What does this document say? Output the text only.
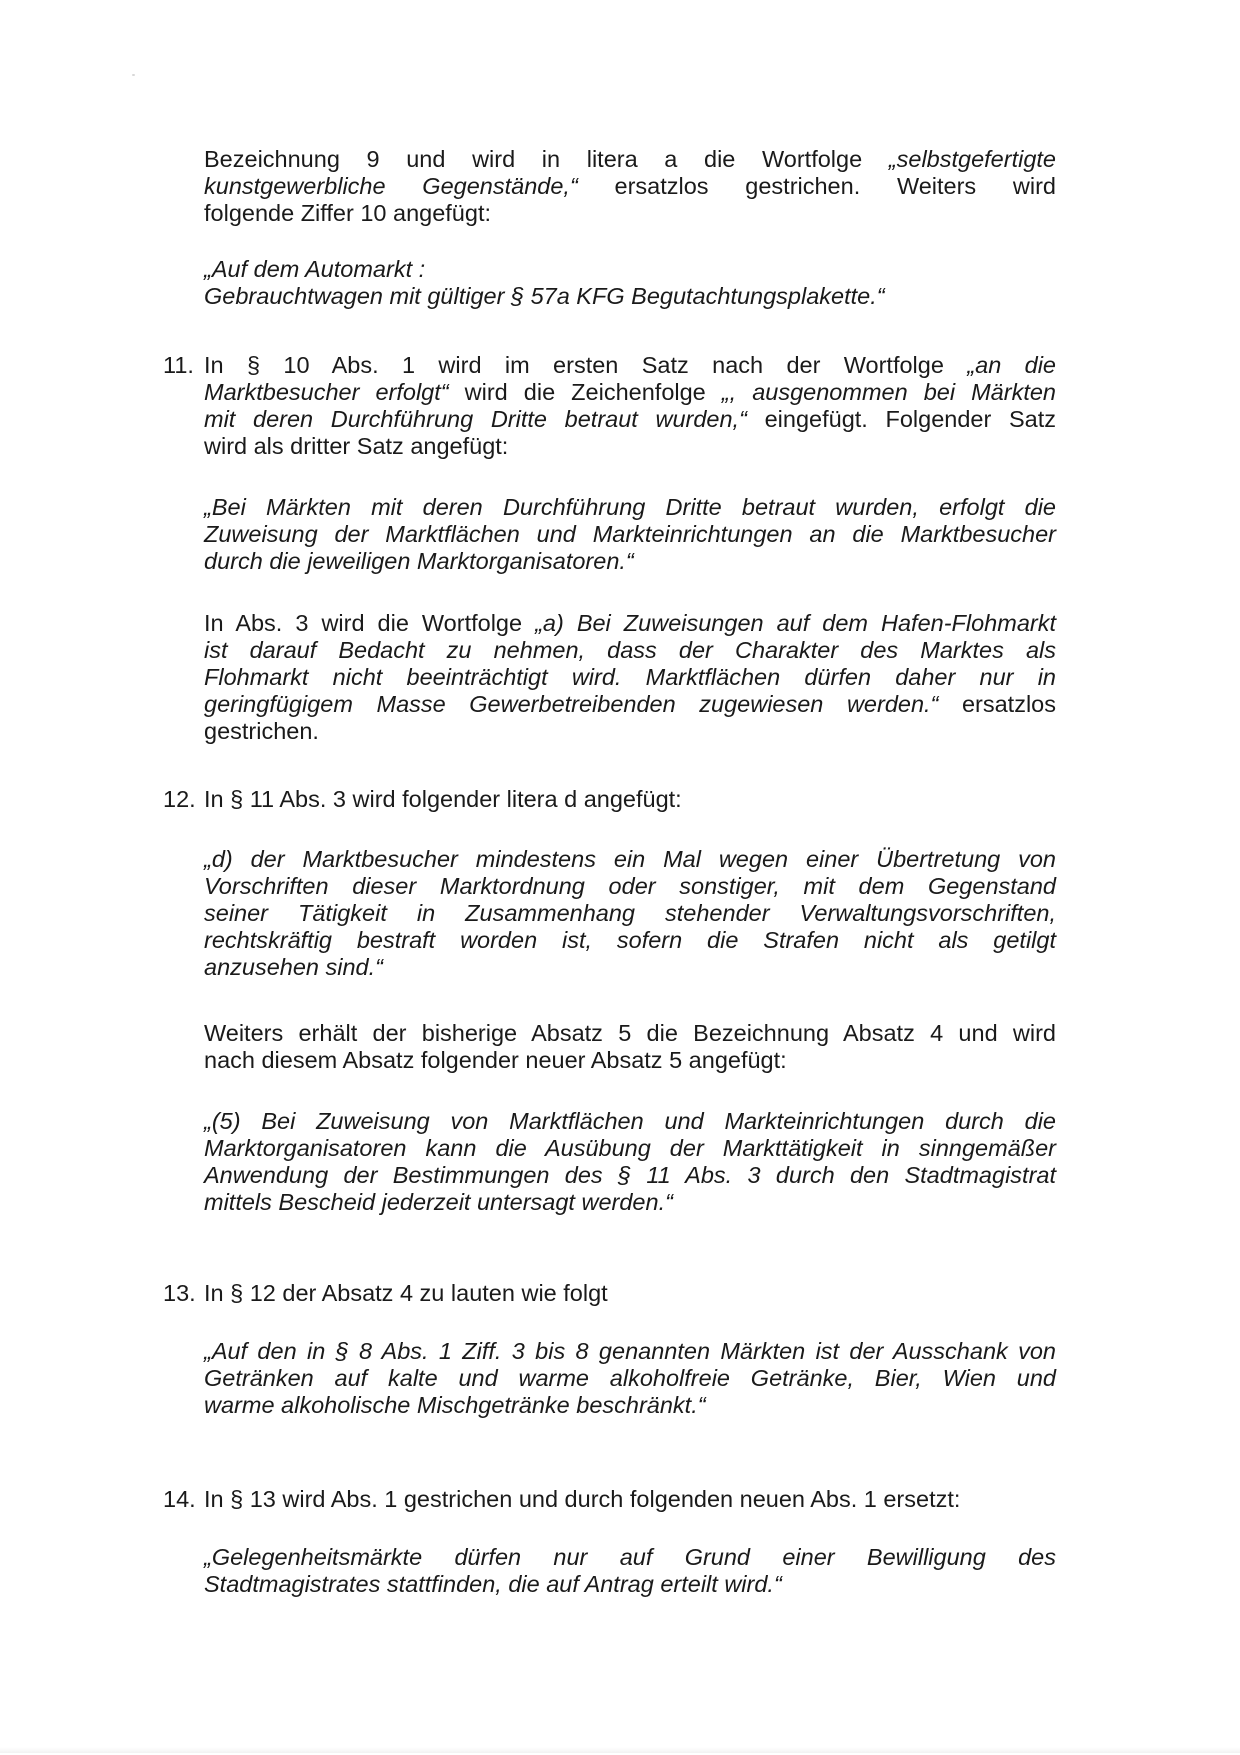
Bezeichnung 9 und wird in litera a die Wortfolge „selbstgefertigte
kunstgewerbliche Gegenstände,“ ersatzlos gestrichen. Weiters wird
folgende Ziffer 10 angefügt:
„Auf dem Automarkt :
Gebrauchtwagen mit gültiger § 57a KFG Begutachtungsplakette.“
11. In § 10 Abs. 1 wird im ersten Satz nach der Wortfolge „an die
Marktbesucher erfolgt“ wird die Zeichenfolge „, ausgenommen bei Märkten
mit deren Durchführung Dritte betraut wurden,“ eingefügt. Folgender Satz
wird als dritter Satz angefügt:
„Bei Märkten mit deren Durchführung Dritte betraut wurden, erfolgt die
Zuweisung der Marktflächen und Markteinrichtungen an die Marktbesucher
durch die jeweiligen Marktorganisatoren.“
In Abs. 3 wird die Wortfolge „a) Bei Zuweisungen auf dem Hafen-Flohmarkt
ist darauf Bedacht zu nehmen, dass der Charakter des Marktes als
Flohmarkt nicht beeinträchtigt wird. Marktflächen dürfen daher nur in
geringfügigem Masse Gewerbetreibenden zugewiesen werden.“ ersatzlos
gestrichen.
12. In § 11 Abs. 3 wird folgender litera d angefügt:
„d) der Marktbesucher mindestens ein Mal wegen einer Übertretung von
Vorschriften dieser Marktordnung oder sonstiger, mit dem Gegenstand
seiner Tätigkeit in Zusammenhang stehender Verwaltungsvorschriften,
rechtskräftig bestraft worden ist, sofern die Strafen nicht als getilgt
anzusehen sind.“
Weiters erhält der bisherige Absatz 5 die Bezeichnung Absatz 4 und wird
nach diesem Absatz folgender neuer Absatz 5 angefügt:
„(5) Bei Zuweisung von Marktflächen und Markteinrichtungen durch die
Marktorganisatoren kann die Ausübung der Markttätigkeit in sinngemäßer
Anwendung der Bestimmungen des § 11 Abs. 3 durch den Stadtmagistrat
mittels Bescheid jederzeit untersagt werden.“
13. In § 12 der Absatz 4 zu lauten wie folgt
„Auf den in § 8 Abs. 1 Ziff. 3 bis 8 genannten Märkten ist der Ausschank von
Getränken auf kalte und warme alkoholfreie Getränke, Bier, Wien und
warme alkoholische Mischgetränke beschränkt.“
14. In § 13 wird Abs. 1 gestrichen und durch folgenden neuen Abs. 1 ersetzt:
„Gelegenheitsmärkte dürfen nur auf Grund einer Bewilligung des
Stadtmagistrates stattfinden, die auf Antrag erteilt wird.“
